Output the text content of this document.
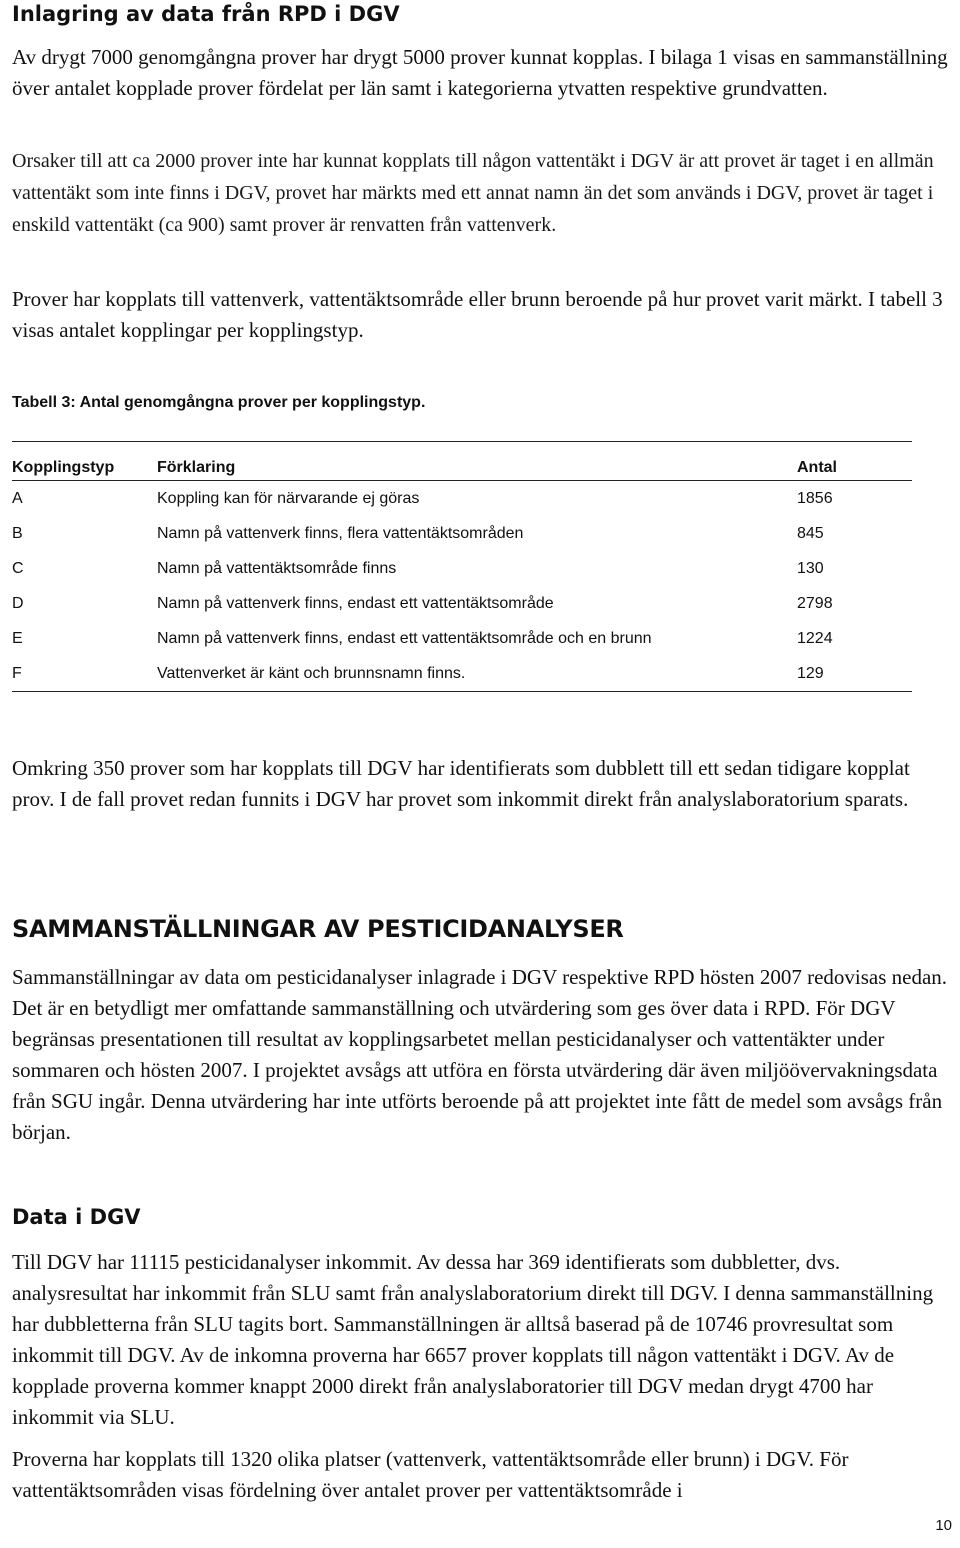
Inlagring av data från RPD i DGV

Av drygt 7000 genomgångna prover har drygt 5000 prover kunnat kopplas. I bilaga 1 visas en sammanställning över antalet kopplade prover fördelat per län samt i kategorierna ytvatten respektive grundvatten.

Orsaker till att ca 2000 prover inte har kunnat kopplats till någon vattentäkt i DGV är att provet är taget i en allmän vattentäkt som inte finns i DGV, provet har märkts med ett annat namn än det som används i DGV, provet är taget i enskild vattentäkt (ca 900) samt prover är renvatten från vattenverk.

Prover har kopplats till vattenverk, vattentäktsområde eller brunn beroende på hur provet varit märkt. I tabell 3 visas antalet kopplingar per kopplingstyp.

Tabell 3: Antal genomgångna prover per kopplingstyp.

Kopplingstyp	Förklaring	Antal
A	Koppling kan för närvarande ej göras	1856
B	Namn på vattenverk finns, flera vattentäktsområden	845
C	Namn på vattentäktsområde finns	130
D	Namn på vattenverk finns, endast ett vattentäktsområde	2798
E	Namn på vattenverk finns, endast ett vattentäktsområde och en brunn	1224
F	Vattenverket är känt och brunnsnamn finns.	129

Omkring 350 prover som har kopplats till DGV har identifierats som dubblett till ett sedan tidigare kopplat prov. I de fall provet redan funnits i DGV har provet som inkommit direkt från analyslaboratorium sparats.

SAMMANSTÄLLNINGAR AV PESTICIDANALYSER

Sammanställningar av data om pesticidanalyser inlagrade i DGV respektive RPD hösten 2007 redovisas nedan. Det är en betydligt mer omfattande sammanställning och utvärdering som ges över data i RPD. För DGV begränsas presentationen till resultat av kopplingsarbetet mellan pesticidanalyser och vattentäkter under sommaren och hösten 2007. I projektet avsågs att utföra en första utvärdering där även miljöövervakningsdata från SGU ingår. Denna utvärdering har inte utförts beroende på att projektet inte fått de medel som avsågs från början.

Data i DGV

Till DGV har 11115 pesticidanalyser inkommit. Av dessa har 369 identifierats som dubbletter, dvs. analysresultat har inkommit från SLU samt från analyslaboratorium direkt till DGV. I denna sammanställning har dubbletterna från SLU tagits bort. Sammanställningen är alltså baserad på de 10746 provresultat som inkommit till DGV. Av de inkomna proverna har 6657 prover kopplats till någon vattentäkt i DGV. Av de kopplade proverna kommer knappt 2000 direkt från analyslaboratorier till DGV medan drygt 4700 har inkommit via SLU.

Proverna har kopplats till 1320 olika platser (vattenverk, vattentäktsområde eller brunn) i DGV. För vattentäktsområden visas fördelning över antalet prover per vattentäktsområde i

10
